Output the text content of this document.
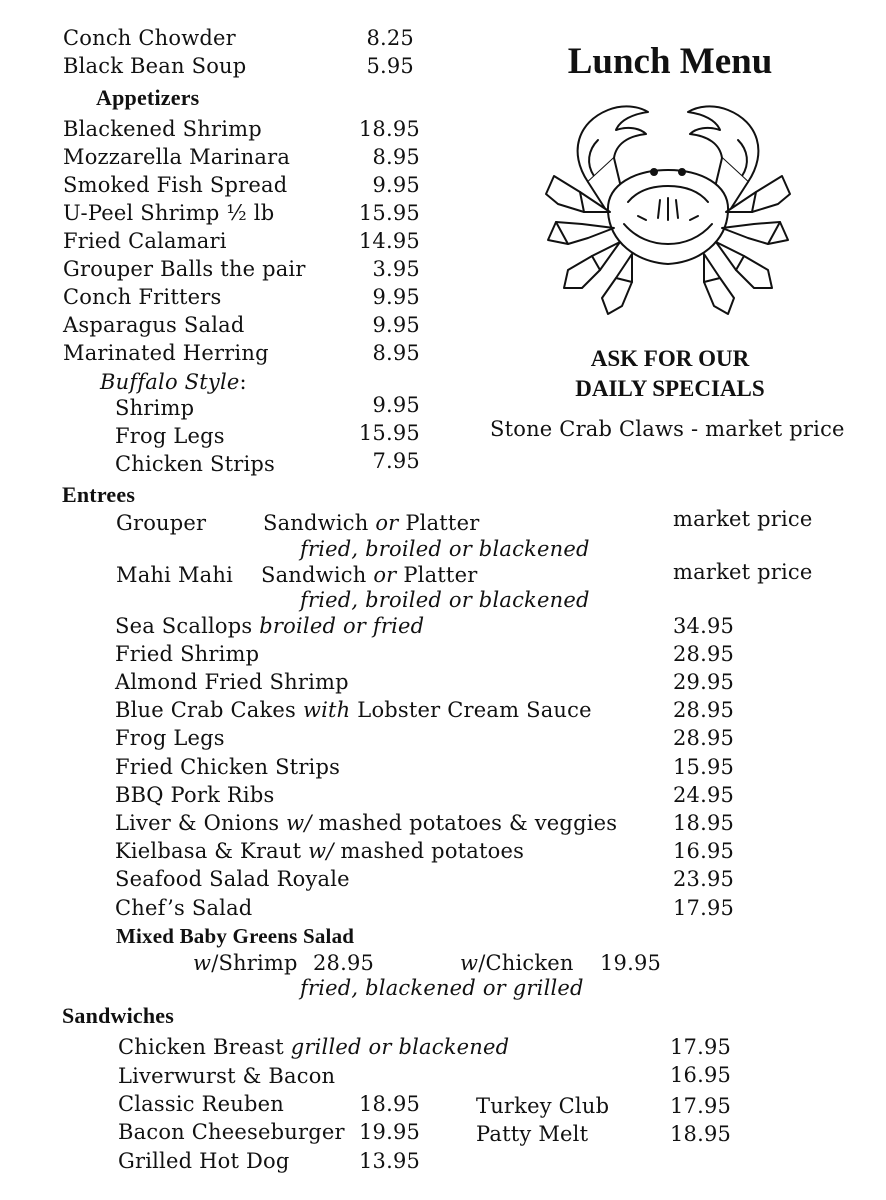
Lunch Menu
ASK FOR OUR
DAILY SPECIALS
Stone Crab Claws - market price
Conch Chowder	8.25
Black Bean Soup	5.95
Appetizers
Blackened Shrimp	18.95
Mozzarella Marinara	8.95
Smoked Fish Spread	9.95
U-Peel Shrimp ½ lb	15.95
Fried Calamari	14.95
Grouper Balls the pair	3.95
Conch Fritters	9.95
Asparagus Salad	9.95
Marinated Herring	8.95
Buffalo Style:
Shrimp	9.95
Frog Legs	15.95
Chicken Strips	7.95
Entrees
Grouper	Sandwich or Platter	market price
fried, broiled or blackened
Mahi Mahi Sandwich or Platter	market price
fried, broiled or blackened
Sea Scallops broiled or fried	34.95
Fried Shrimp	28.95
Almond Fried Shrimp	29.95
Blue Crab Cakes with Lobster Cream Sauce	28.95
Frog Legs	28.95
Fried Chicken Strips	15.95
BBQ Pork Ribs	24.95
Liver & Onions w/ mashed potatoes & veggies	18.95
Kielbasa & Kraut w/ mashed potatoes	16.95
Seafood Salad Royale	23.95
Chef’s Salad	17.95
Mixed Baby Greens Salad
w/Shrimp 28.95	w/Chicken 19.95
fried, blackened or grilled
Sandwiches
Chicken Breast grilled or blackened	17.95
Liverwurst & Bacon	16.95
Classic Reuben	18.95
Bacon Cheeseburger 19.95
Grilled Hot Dog	13.95
Turkey Club	17.95
Patty Melt	18.95
